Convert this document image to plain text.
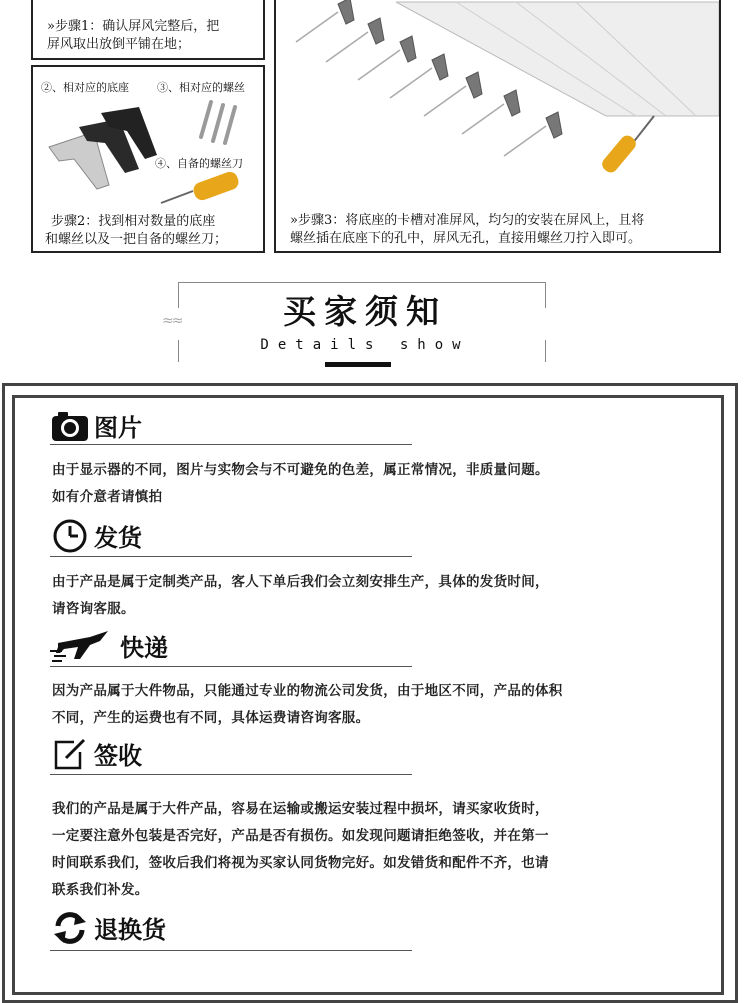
»步骤1：确认屏风完整后，把
屏风取出放倒平铺在地；
②、相对应的底座	③、相对应的螺丝
④、自备的螺丝刀
步骤2：找到相对数量的底座
和螺丝以及一把自备的螺丝刀；
»步骤3：将底座的卡槽对准屏风，均匀的安装在屏风上，且将
螺丝插在底座下的孔中，屏风无孔，直接用螺丝刀拧入即可。
≈≈	买家须知
Details show
图片
由于显示器的不同，图片与实物会与不可避免的色差，属正常情况，非质量问题。
如有介意者请慎拍
发货
由于产品是属于定制类产品，客人下单后我们会立刻安排生产，具体的发货时间，
请咨询客服。
快递
因为产品属于大件物品，只能通过专业的物流公司发货，由于地区不同，产品的体积
不同，产生的运费也有不同，具体运费请咨询客服。
签收
我们的产品是属于大件产品，容易在运输或搬运安装过程中损坏，请买家收货时，
一定要注意外包装是否完好，产品是否有损伤。如发现问题请拒绝签收，并在第一
时间联系我们，签收后我们将视为买家认同货物完好。如发错货和配件不齐，也请
联系我们补发。
退换货
